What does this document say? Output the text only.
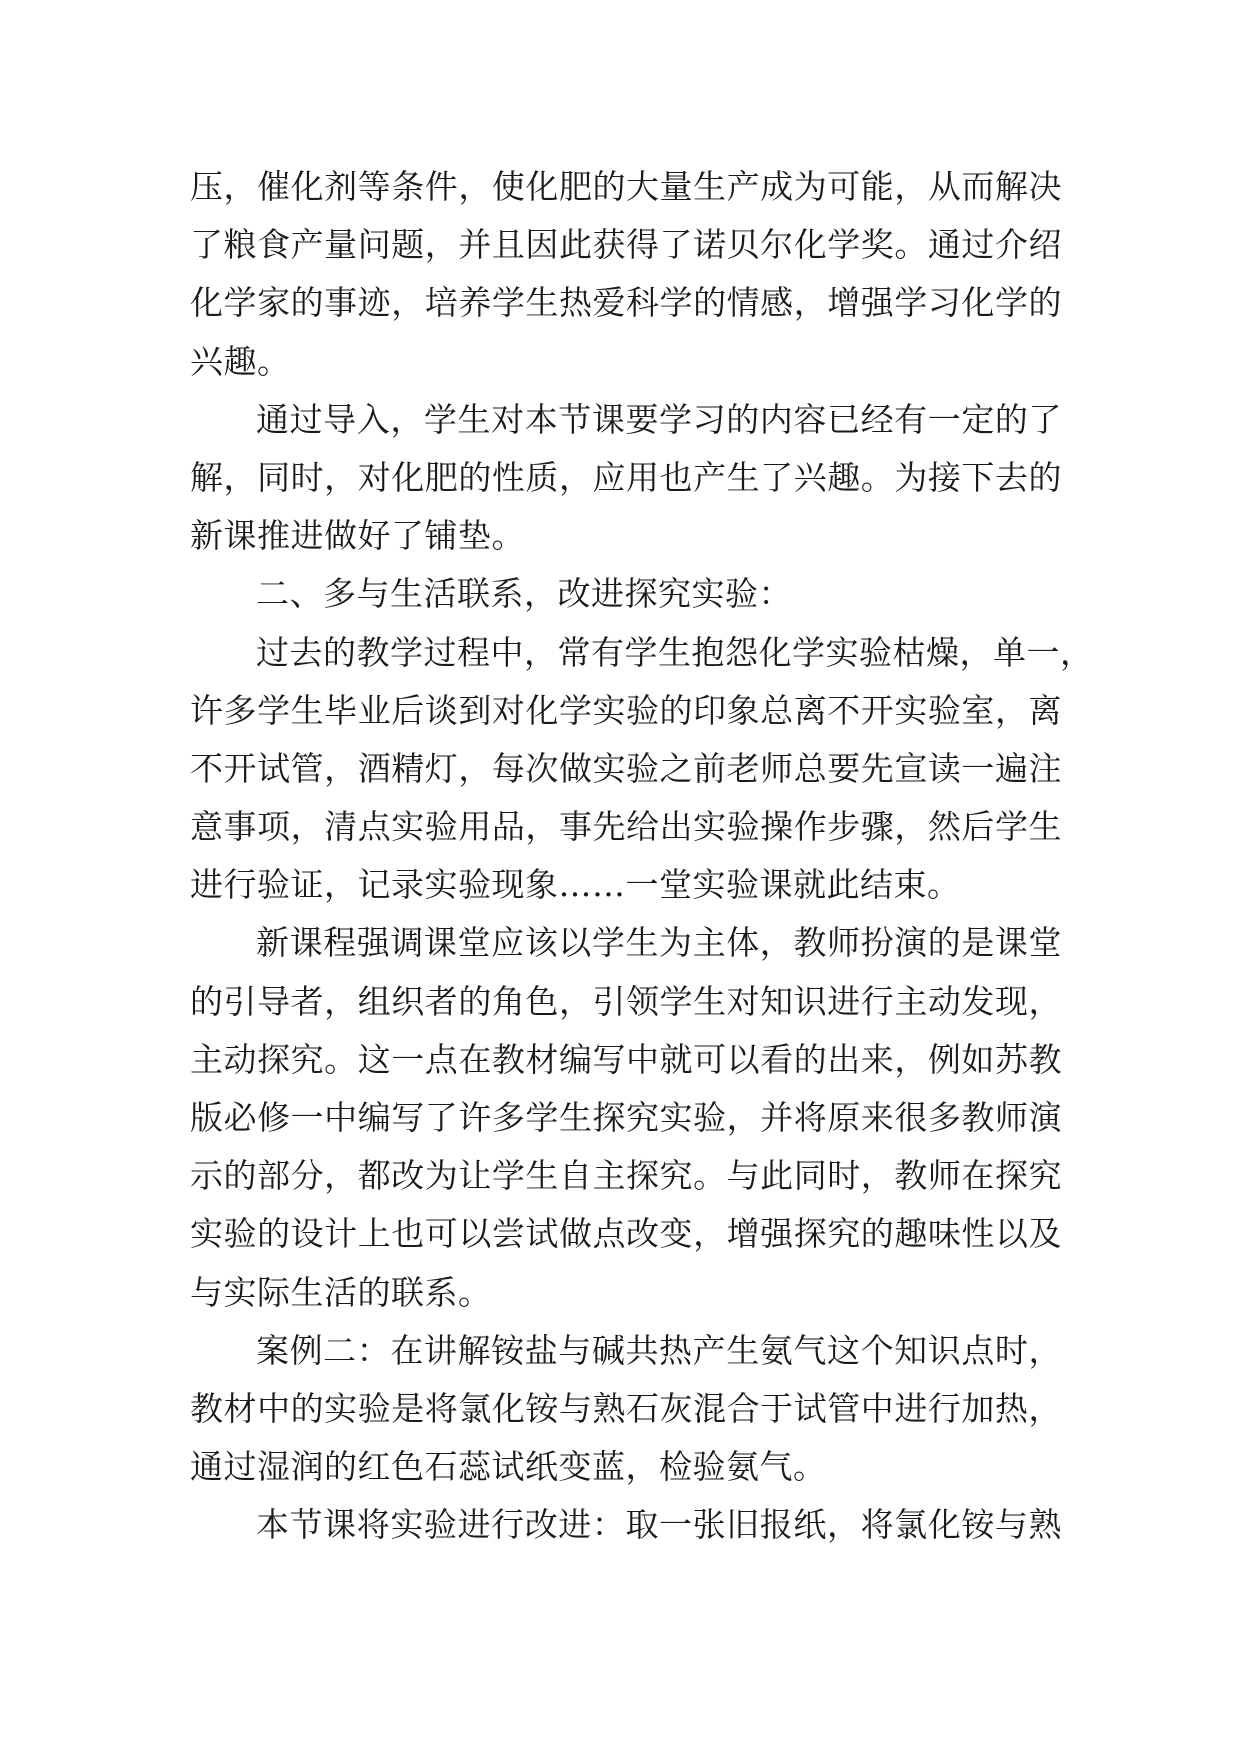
压，催化剂等条件，使化肥的大量生产成为可能，从而解决
了粮食产量问题，并且因此获得了诺贝尔化学奖。通过介绍
化学家的事迹，培养学生热爱科学的情感，增强学习化学的
兴趣。
通过导入，学生对本节课要学习的内容已经有一定的了
解，同时，对化肥的性质，应用也产生了兴趣。为接下去的
新课推进做好了铺垫。
二、多与生活联系，改进探究实验：
过去的教学过程中，常有学生抱怨化学实验枯燥，单一，
许多学生毕业后谈到对化学实验的印象总离不开实验室，离
不开试管，酒精灯，每次做实验之前老师总要先宣读一遍注
意事项，清点实验用品，事先给出实验操作步骤，然后学生
进行验证，记录实验现象……一堂实验课就此结束。
新课程强调课堂应该以学生为主体，教师扮演的是课堂
的引导者，组织者的角色，引领学生对知识进行主动发现，
主动探究。这一点在教材编写中就可以看的出来，例如苏教
版必修一中编写了许多学生探究实验，并将原来很多教师演
示的部分，都改为让学生自主探究。与此同时，教师在探究
实验的设计上也可以尝试做点改变，增强探究的趣味性以及
与实际生活的联系。
案例二：在讲解铵盐与碱共热产生氨气这个知识点时，
教材中的实验是将氯化铵与熟石灰混合于试管中进行加热，
通过湿润的红色石蕊试纸变蓝，检验氨气。
本节课将实验进行改进：取一张旧报纸，将氯化铵与熟
